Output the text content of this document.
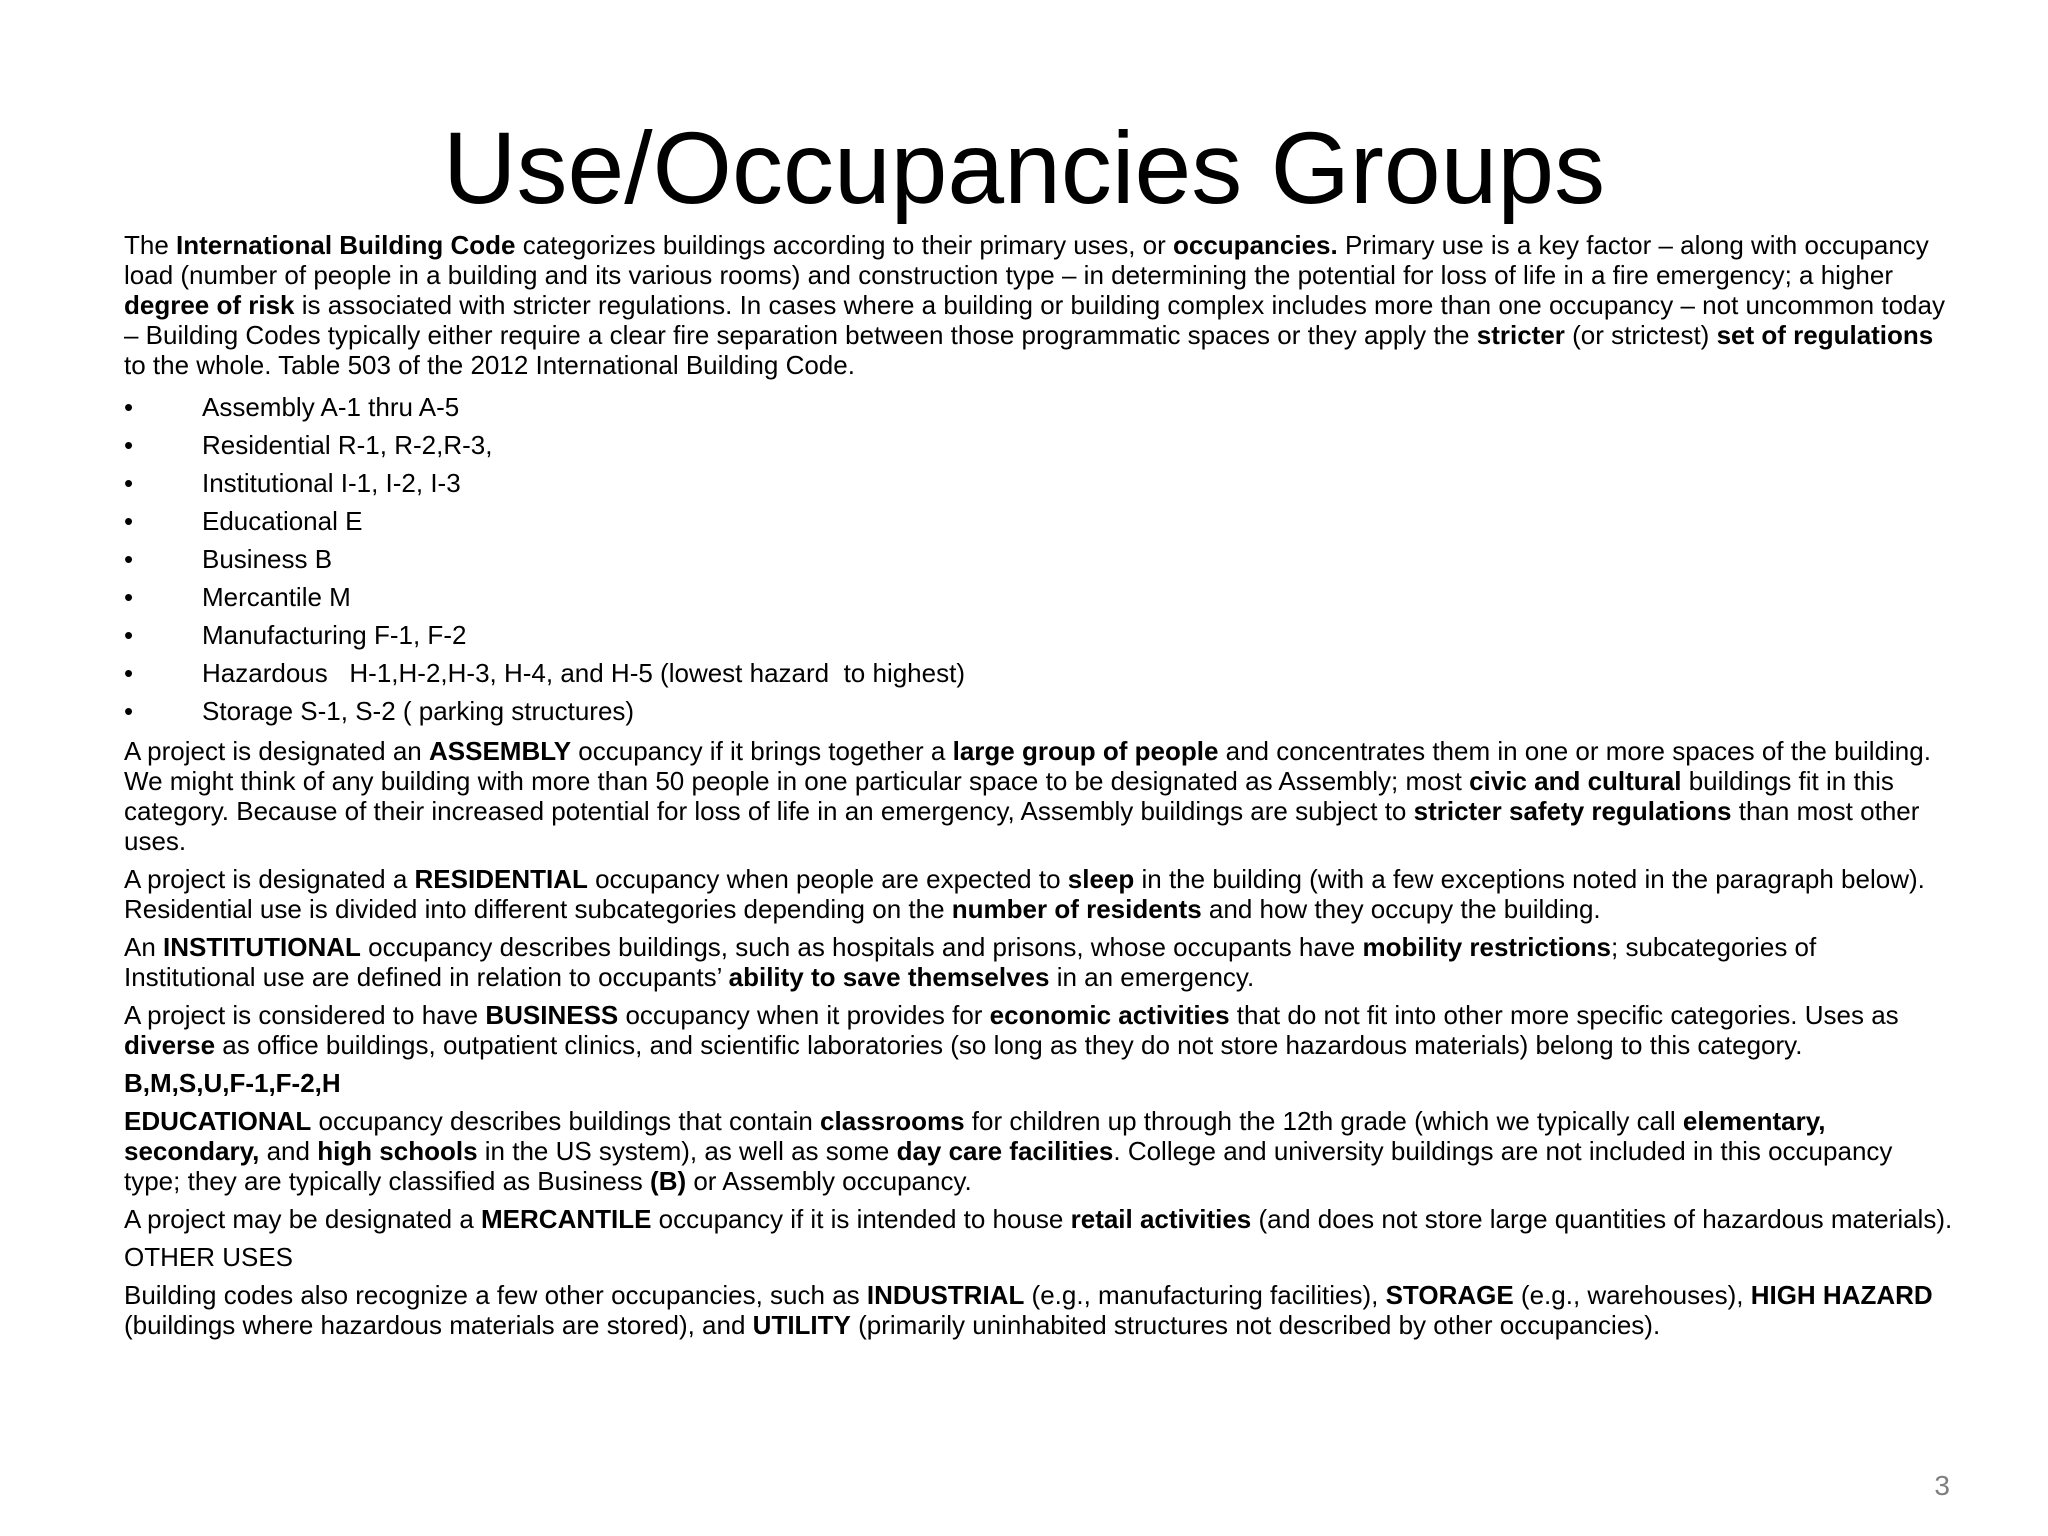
Use/Occupancies Groups

The International Building Code categorizes buildings according to their primary uses, or occupancies. Primary use is a key factor – along with occupancy load (number of people in a building and its various rooms) and construction type – in determining the potential for loss of life in a fire emergency; a higher degree of risk is associated with stricter regulations. In cases where a building or building complex includes more than one occupancy – not uncommon today – Building Codes typically either require a clear fire separation between those programmatic spaces or they apply the stricter (or strictest) set of regulations to the whole. Table 503 of the 2012 International Building Code.

•	Assembly A-1 thru A-5
•	Residential R-1, R-2,R-3,
•	Institutional I-1, I-2, I-3
•	Educational E
•	Business B
•	Mercantile M
•	Manufacturing F-1, F-2
•	Hazardous   H-1,H-2,H-3, H-4, and H-5 (lowest hazard  to highest)
•	Storage S-1, S-2 ( parking structures)

A project is designated an ASSEMBLY occupancy if it brings together a large group of people and concentrates them in one or more spaces of the building. We might think of any building with more than 50 people in one particular space to be designated as Assembly; most civic and cultural buildings fit in this category. Because of their increased potential for loss of life in an emergency, Assembly buildings are subject to stricter safety regulations than most other uses.

A project is designated a RESIDENTIAL occupancy when people are expected to sleep in the building (with a few exceptions noted in the paragraph below). Residential use is divided into different subcategories depending on the number of residents and how they occupy the building.

An INSTITUTIONAL occupancy describes buildings, such as hospitals and prisons, whose occupants have mobility restrictions; subcategories of Institutional use are defined in relation to occupants’ ability to save themselves in an emergency.

A project is considered to have BUSINESS occupancy when it provides for economic activities that do not fit into other more specific categories. Uses as diverse as office buildings, outpatient clinics, and scientific laboratories (so long as they do not store hazardous materials) belong to this category.

B,M,S,U,F-1,F-2,H

EDUCATIONAL occupancy describes buildings that contain classrooms for children up through the 12th grade (which we typically call elementary, secondary, and high schools in the US system), as well as some day care facilities. College and university buildings are not included in this occupancy type; they are typically classified as Business (B) or Assembly occupancy.

A project may be designated a MERCANTILE occupancy if it is intended to house retail activities (and does not store large quantities of hazardous materials).

OTHER USES

Building codes also recognize a few other occupancies, such as INDUSTRIAL (e.g., manufacturing facilities), STORAGE (e.g., warehouses), HIGH HAZARD (buildings where hazardous materials are stored), and UTILITY (primarily uninhabited structures not described by other occupancies).

3
